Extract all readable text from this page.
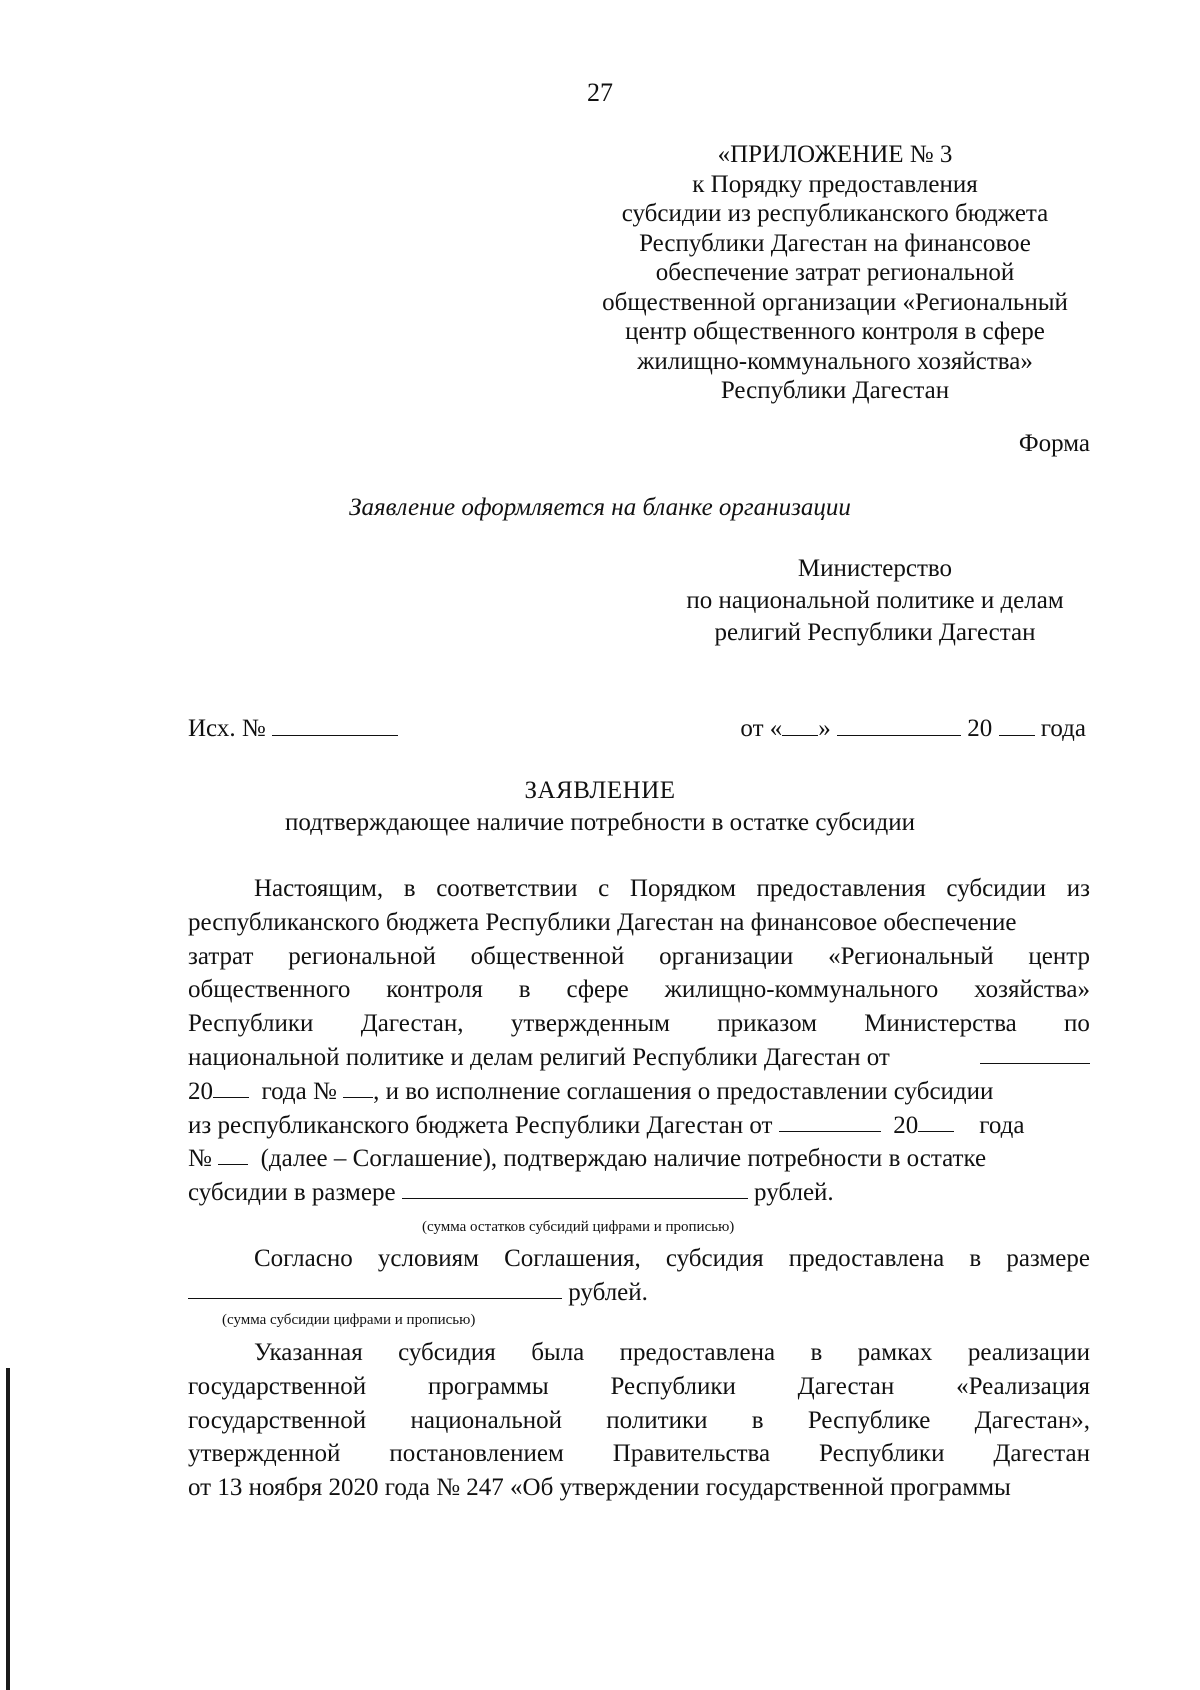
27
«ПРИЛОЖЕНИЕ № 3
к Порядку предоставления
субсидии из республиканского бюджета
Республики Дагестан на финансовое
обеспечение затрат региональной
общественной организации «Региональный
центр общественного контроля в сфере
жилищно-коммунального хозяйства»
Республики Дагестан
Форма
Заявление оформляется на бланке организации
Министерство
по национальной политике и делам
религий Республики Дагестан
Исх. №	от « »	20 года
ЗАЯВЛЕНИЕ
подтверждающее наличие потребности в остатке субсидии
Настоящим, в соответствии с Порядком предоставления субсидии из
республиканского бюджета Республики Дагестан на финансовое обеспечение
затрат региональной общественной организации «Региональный центр
общественного контроля в сфере жилищно-коммунального хозяйства»
Республики Дагестан, утвержденным приказом Министерства по
национальной политике и делам религий Республики Дагестан от
20
года №
, и во исполнение соглашения о предоставлении субсидии
из республиканского бюджета Республики Дагестан от

	20
года
№

(далее – Соглашение), подтверждаю наличие потребности в остатке
субсидии в размере

	рублей.
(сумма остатков субсидий цифрами и прописью)
Согласно условиям Соглашения, субсидия предоставлена в размере

рублей.
(сумма субсидии цифрами и прописью)
Указанная субсидия была предоставлена в рамках реализации
государственной программы Республики Дагестан «Реализация
государственной национальной политики в Республике Дагестан»,
утвержденной постановлением Правительства Республики Дагестан
от 13 ноября 2020 года № 247 «Об утверждении государственной программы
